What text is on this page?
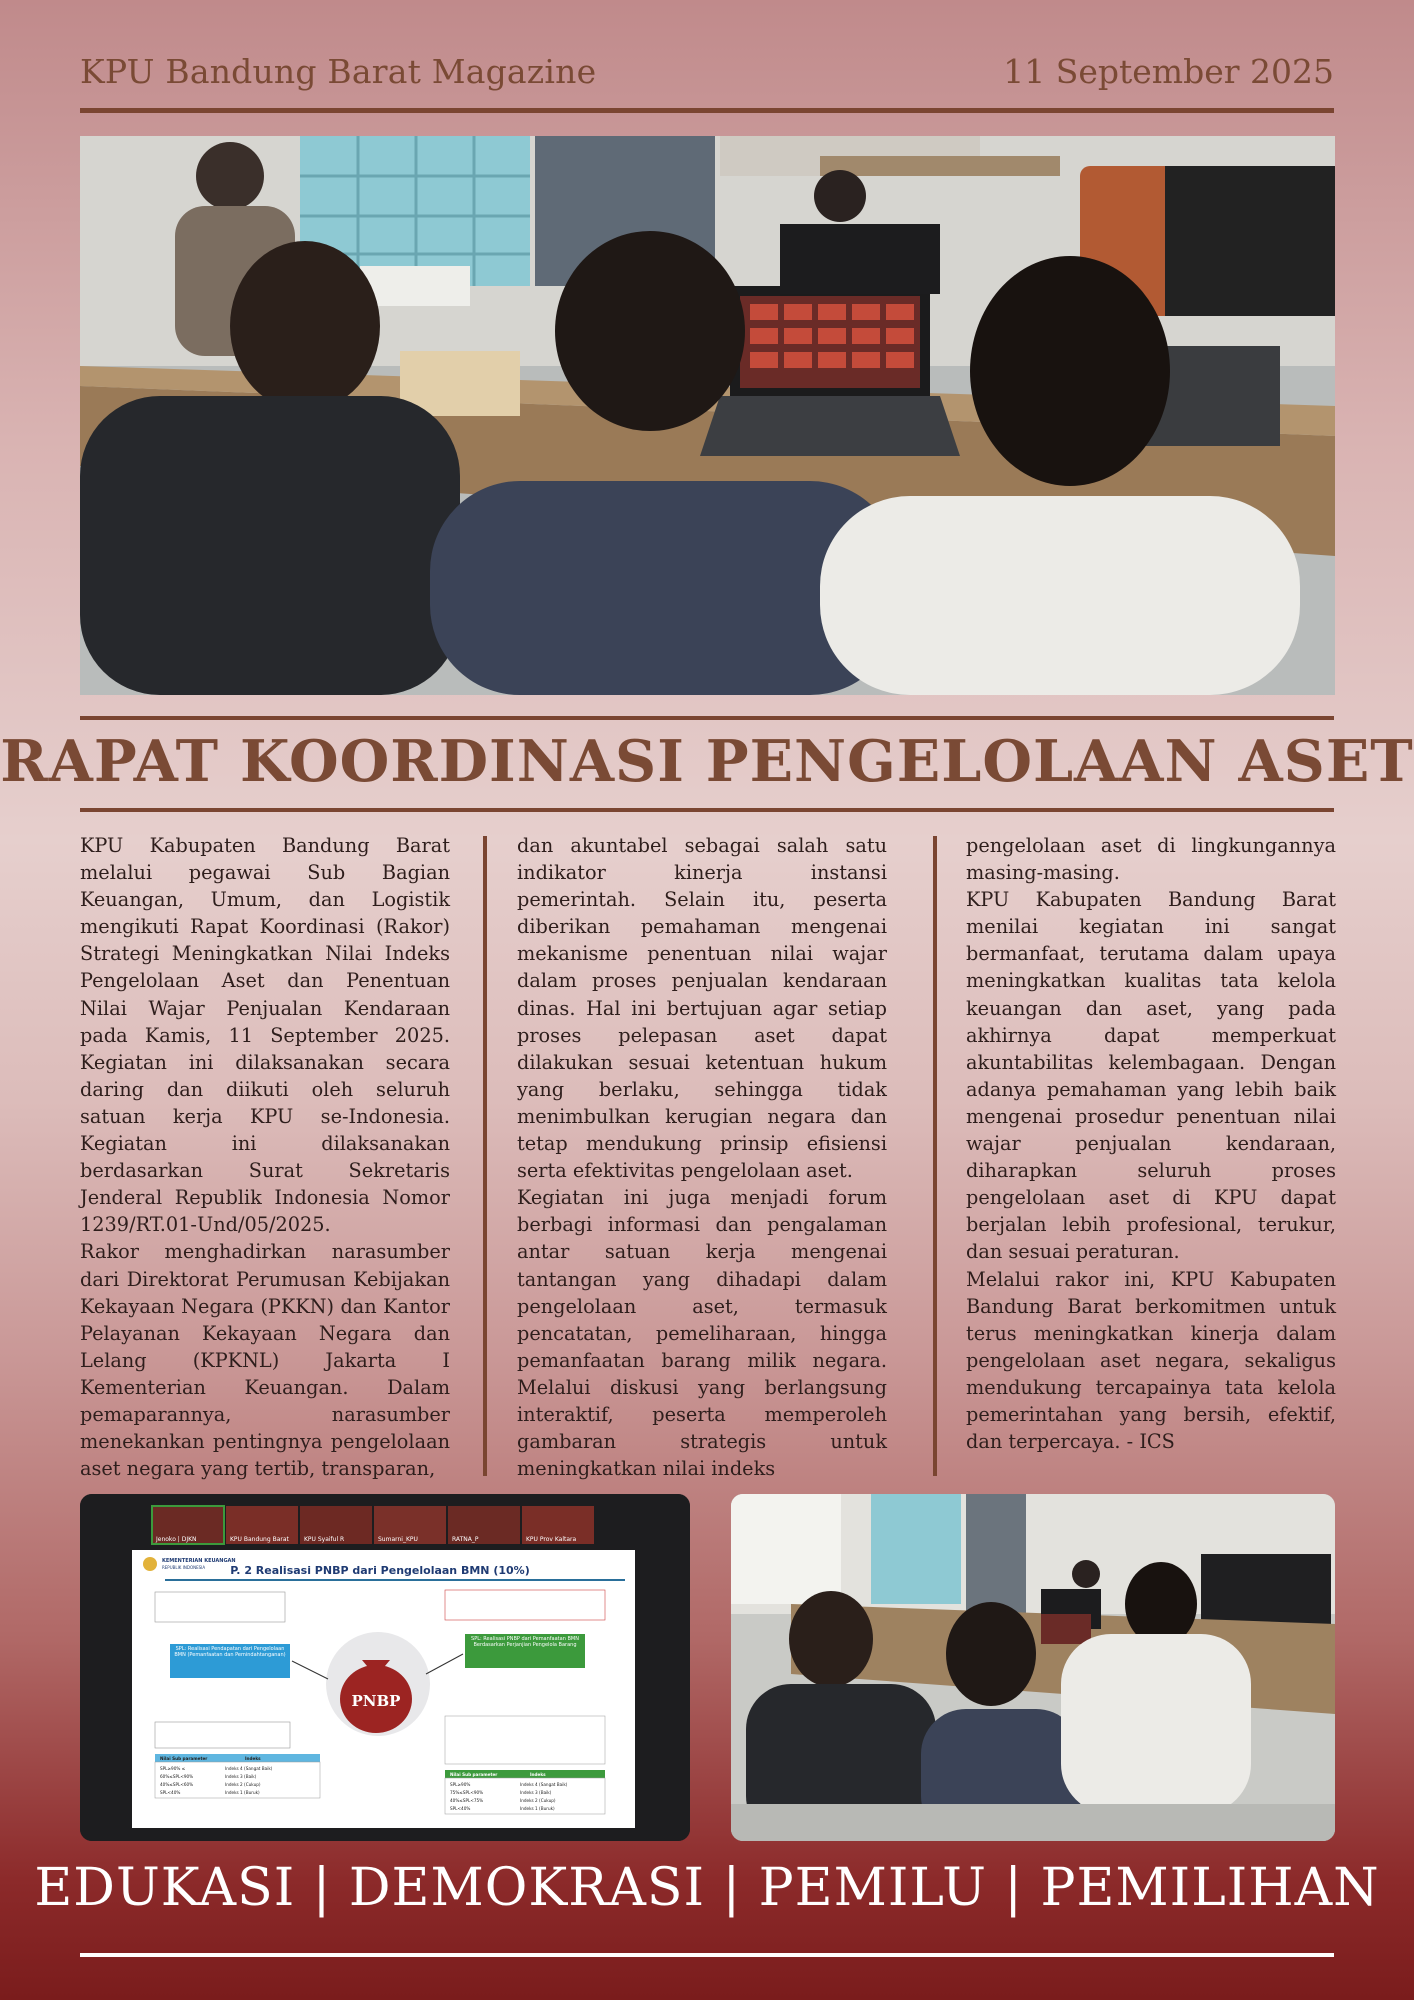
KPU Bandung Barat Magazine	11 September 2025
RAPAT KOORDINASI PENGELOLAAN ASET

KPU Kabupaten Bandung Barat melalui pegawai Sub Bagian Keuangan, Umum, dan Logistik mengikuti Rapat Koordinasi (Rakor) Strategi Meningkatkan Nilai Indeks Pengelolaan Aset dan Penentuan Nilai Wajar Penjualan Kendaraan pada Kamis, 11 September 2025. Kegiatan ini dilaksanakan secara daring dan diikuti oleh seluruh satuan kerja KPU se-Indonesia. Kegiatan ini dilaksanakan berdasarkan Surat Sekretaris Jenderal Republik Indonesia Nomor 1239/RT.01-Und/05/2025.

Rakor menghadirkan narasumber dari Direktorat Perumusan Kebijakan Kekayaan Negara (PKKN) dan Kantor Pelayanan Kekayaan Negara dan Lelang (KPKNL) Jakarta I Kementerian Keuangan. Dalam pemaparannya, narasumber menekankan pentingnya pengelolaan aset negara yang tertib, transparan,

dan akuntabel sebagai salah satu indikator kinerja instansi pemerintah. Selain itu, peserta diberikan pemahaman mengenai mekanisme penentuan nilai wajar dalam proses penjualan kendaraan dinas. Hal ini bertujuan agar setiap proses pelepasan aset dapat dilakukan sesuai ketentuan hukum yang berlaku, sehingga tidak menimbulkan kerugian negara dan tetap mendukung prinsip efisiensi serta efektivitas pengelolaan aset.

Kegiatan ini juga menjadi forum berbagi informasi dan pengalaman antar satuan kerja mengenai tantangan yang dihadapi dalam pengelolaan aset, termasuk pencatatan, pemeliharaan, hingga pemanfaatan barang milik negara. Melalui diskusi yang berlangsung interaktif, peserta memperoleh gambaran strategis untuk meningkatkan nilai indeks

pengelolaan aset di lingkungannya masing-masing.

KPU Kabupaten Bandung Barat menilai kegiatan ini sangat bermanfaat, terutama dalam upaya meningkatkan kualitas tata kelola keuangan dan aset, yang pada akhirnya dapat memperkuat akuntabilitas kelembagaan. Dengan adanya pemahaman yang lebih baik mengenai prosedur penentuan nilai wajar penjualan kendaraan, diharapkan seluruh proses pengelolaan aset di KPU dapat berjalan lebih profesional, terukur, dan sesuai peraturan.

Melalui rakor ini, KPU Kabupaten Bandung Barat berkomitmen untuk terus meningkatkan kinerja dalam pengelolaan aset negara, sekaligus mendukung tercapainya tata kelola pemerintahan yang bersih, efektif, dan terpercaya. - ICS

Jenoko | DJKN	KPU Bandung Barat	KPU Syaiful R	Sumarni_KPU	RATNA_P	KPU Prov Kaltara
KEMENTERIAN KEUANGAN
REPUBLIK INDONESIA P. 2 Realisasi PNBP dari Pengelolaan BMN (10%)
SPL: Realisasi Pendapatan dari Pengelolaan BMN (Pemanfaatan dan Pemindahtanganan)
SPL: Realisasi PNBP dari Pemanfaatan BMN Berdasarkan Perjanjian Pengelola Barang
PNBP
Nilai Sub parameter	Indeks
SPL≥90% ≤	Indeks 4 (Sangat Baik)
60%≤SPL<90%	Indeks 3 (Baik)
40%≤SPL<60%	Indeks 2 (Cukup)
SPL<40%	Indeks 1 (Buruk)
Nilai Sub parameter	Indeks
SPL≥90%	Indeks 4 (Sangat Baik)
75%≤SPL<90%	Indeks 3 (Baik)
40%≤SPL<75%	Indeks 2 (Cukup)
SPL<40%	Indeks 1 (Buruk)
EDUKASI | DEMOKRASI | PEMILU | PEMILIHAN
